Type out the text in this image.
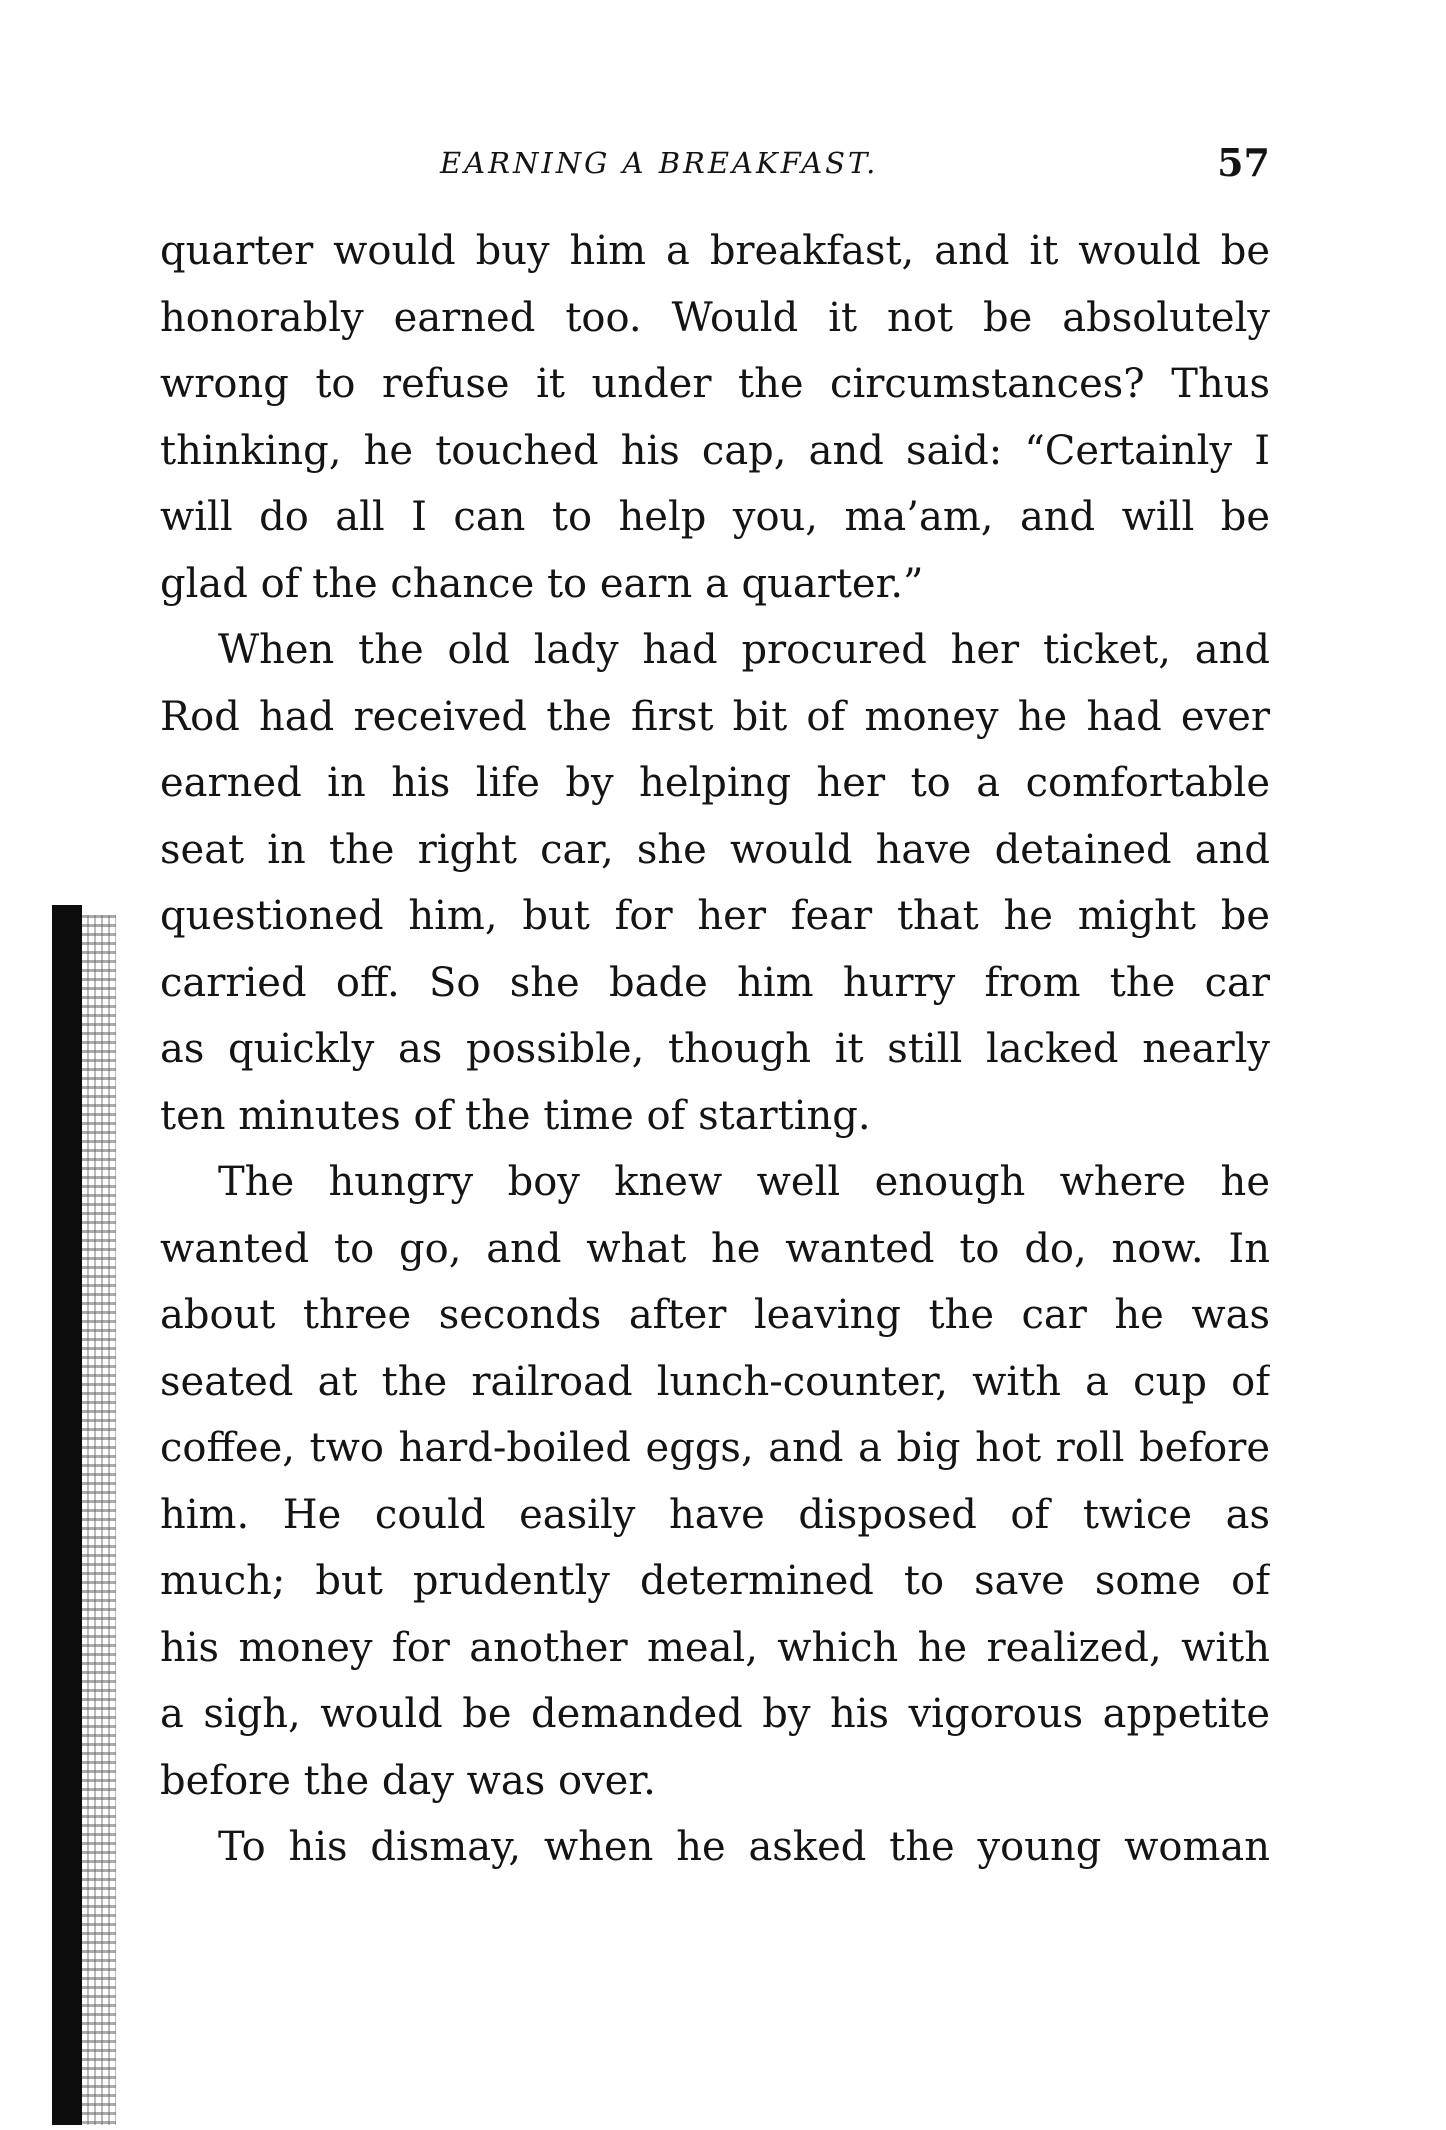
EARNING A BREAKFAST.	57
quarter would buy him a breakfast, and it would be
honorably earned too. Would it not be absolutely
wrong to refuse it under the circumstances? Thus
thinking, he touched his cap, and said: “Certainly I
will do all I can to help you, ma’am, and will be
glad of the chance to earn a quarter.”
When the old lady had procured her ticket, and
Rod had received the first bit of money he had ever
earned in his life by helping her to a comfortable
seat in the right car, she would have detained and
questioned him, but for her fear that he might be
carried off. So she bade him hurry from the car
as quickly as possible, though it still lacked nearly
ten minutes of the time of starting.
The hungry boy knew well enough where he
wanted to go, and what he wanted to do, now. In
about three seconds after leaving the car he was
seated at the railroad lunch-counter, with a cup of
coffee, two hard-boiled eggs, and a big hot roll before
him. He could easily have disposed of twice as
much; but prudently determined to save some of
his money for another meal, which he realized, with
a sigh, would be demanded by his vigorous appetite
before the day was over.
To his dismay, when he asked the young woman
